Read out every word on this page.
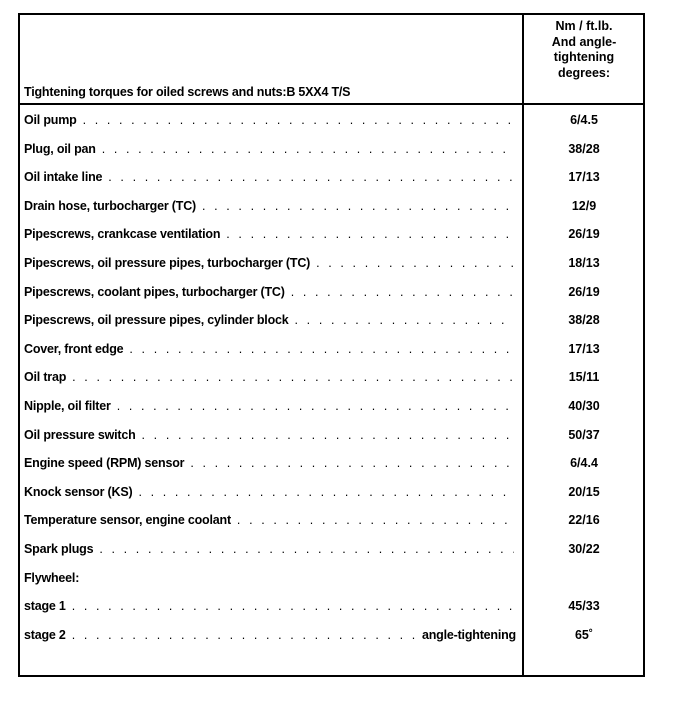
Tightening torques for oiled screws and nuts:B 5XX4 T/S
Nm / ft.lb.
And angle-
tightening
degrees:
Oil pump . . .	6/4.5
Plug, oil pan . . .	38/28
Oil intake line . . .	17/13
Drain hose, turbocharger (TC) . . .	12/9
Pipescrews, crankcase ventilation . . .	26/19
Pipescrews, oil pressure pipes, turbocharger (TC) . . .	18/13
Pipescrews, coolant pipes, turbocharger (TC) . . .	26/19
Pipescrews, oil pressure pipes, cylinder block . . .	38/28
Cover, front edge . . .	17/13
Oil trap . . .	15/11
Nipple, oil filter . . .	40/30
Oil pressure switch . . .	50/37
Engine speed (RPM) sensor . . .	6/4.4
Knock sensor (KS) . . .	20/15
Temperature sensor, engine coolant . . .	22/16
Spark plugs . . .	30/22
Flywheel:
stage 1 . . .	45/33
stage 2 . . .	angle-tightening	65˚
